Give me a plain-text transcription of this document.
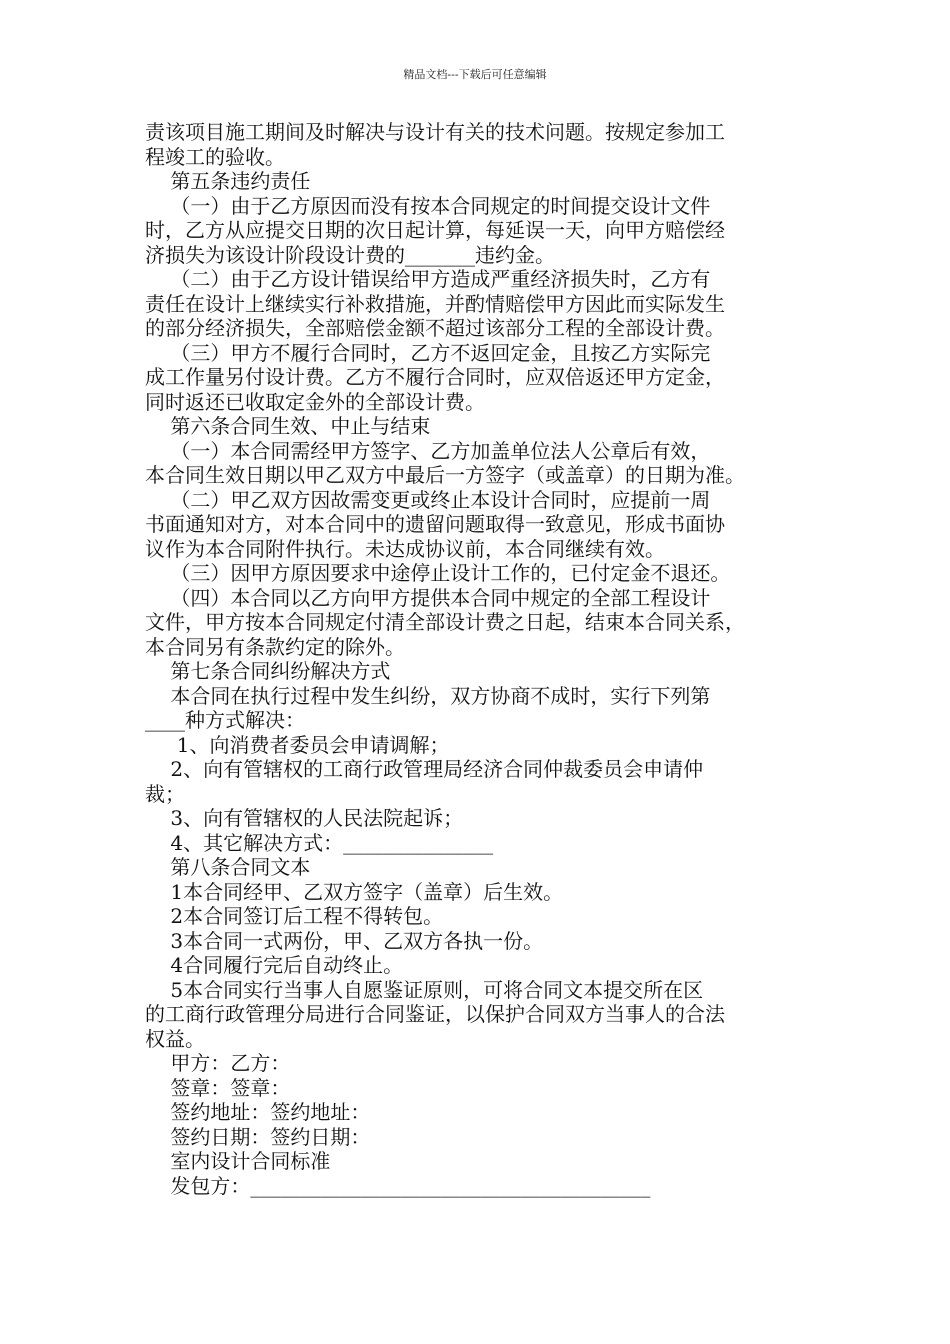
精品文档---下载后可任意编辑
责该项目施工期间及时解决与设计有关的技术问题。按规定参加工
程竣工的验收。
第五条违约责任
（一）由于乙方原因而没有按本合同规定的时间提交设计文件
时，乙方从应提交日期的次日起计算，每延误一天，向甲方赔偿经
济损失为该设计阶段设计费的_______违约金。
（二）由于乙方设计错误给甲方造成严重经济损失时，乙方有
责任在设计上继续实行补救措施，并酌情赔偿甲方因此而实际发生
的部分经济损失，全部赔偿金额不超过该部分工程的全部设计费。
（三）甲方不履行合同时，乙方不返回定金，且按乙方实际完
成工作量另付设计费。乙方不履行合同时，应双倍返还甲方定金，
同时返还已收取定金外的全部设计费。
第六条合同生效、中止与结束
（一）本合同需经甲方签字、乙方加盖单位法人公章后有效，
本合同生效日期以甲乙双方中最后一方签字（或盖章）的日期为准。
（二）甲乙双方因故需变更或终止本设计合同时，应提前一周
书面通知对方，对本合同中的遗留问题取得一致意见，形成书面协
议作为本合同附件执行。未达成协议前，本合同继续有效。
（三）因甲方原因要求中途停止设计工作的，已付定金不退还。
（四）本合同以乙方向甲方提供本合同中规定的全部工程设计
文件，甲方按本合同规定付清全部设计费之日起，结束本合同关系，
本合同另有条款约定的除外。
第七条合同纠纷解决方式
本合同在执行过程中发生纠纷，双方协商不成时，实行下列第
____种方式解决：
1、向消费者委员会申请调解；
2、向有管辖权的工商行政管理局经济合同仲裁委员会申请仲
裁；
3、向有管辖权的人民法院起诉；
4、其它解决方式：_______________
第八条合同文本
1本合同经甲、乙双方签字（盖章）后生效。
2本合同签订后工程不得转包。
3本合同一式两份，甲、乙双方各执一份。
4合同履行完后自动终止。
5本合同实行当事人自愿鉴证原则，可将合同文本提交所在区
的工商行政管理分局进行合同鉴证，以保护合同双方当事人的合法
权益。
甲方：乙方：
签章：签章：
签约地址：签约地址：
签约日期：签约日期：
室内设计合同标准
发包方：________________________________________
